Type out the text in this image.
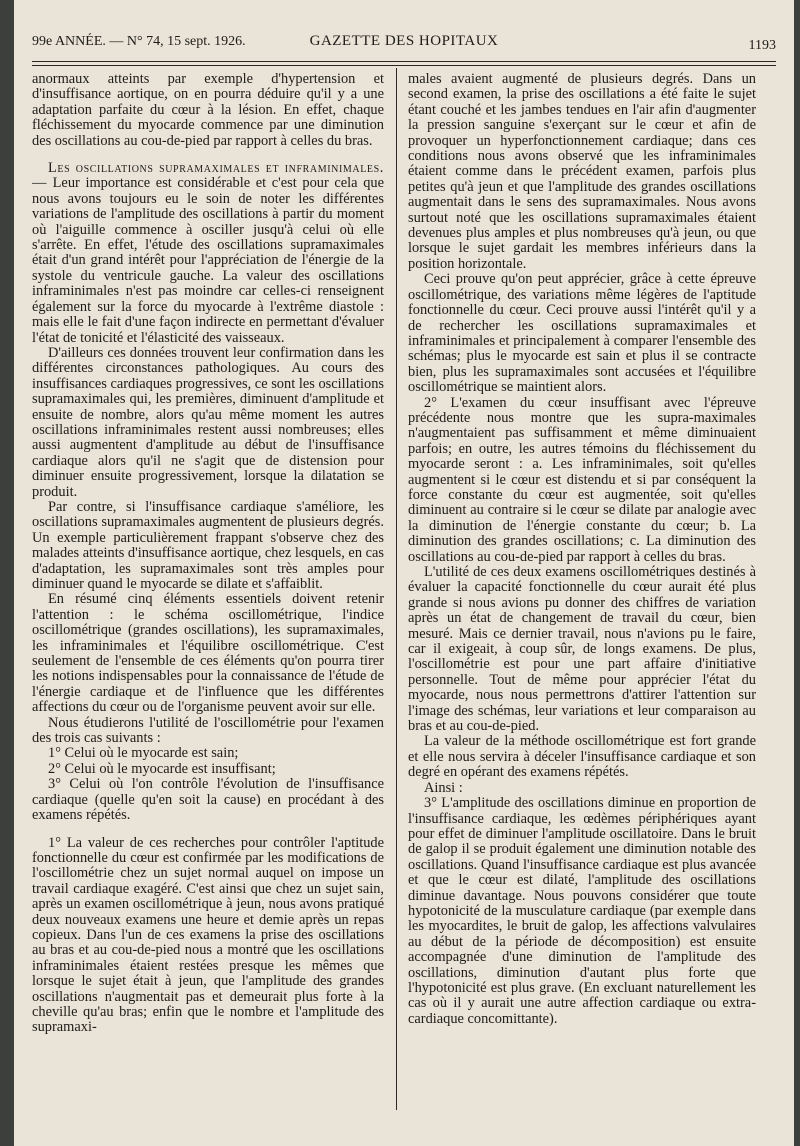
99e ANNÉE. — N° 74, 15 sept. 1926.	GAZETTE DES HOPITAUX	1193

anormaux atteints par exemple d'hypertension et d'insuffisance aortique, on en pourra déduire qu'il y a une adaptation parfaite du cœur à la lésion. En effet, chaque fléchissement du myocarde commence par une diminution des oscillations au cou-de-pied par rapport à celles du bras.

Les oscillations supramaximales et inframinimales. — Leur importance est considérable et c'est pour cela que nous avons toujours eu le soin de noter les différentes variations de l'amplitude des oscillations à partir du moment où l'aiguille commence à osciller jusqu'à celui où elle s'arrête. En effet, l'étude des oscillations supramaximales était d'un grand intérêt pour l'appréciation de l'énergie de la systole du ventricule gauche. La valeur des oscillations inframinimales n'est pas moindre car celles-ci renseignent également sur la force du myocarde à l'extrême diastole : mais elle le fait d'une façon indirecte en permettant d'évaluer l'état de tonicité et l'élasticité des vaisseaux.

D'ailleurs ces données trouvent leur confirmation dans les différentes circonstances pathologiques. Au cours des insuffisances cardiaques progressives, ce sont les oscillations supramaximales qui, les premières, diminuent d'amplitude et ensuite de nombre, alors qu'au même moment les autres oscillations inframinimales restent aussi nombreuses; elles aussi augmentent d'amplitude au début de l'insuffisance cardiaque alors qu'il ne s'agit que de distension pour diminuer ensuite progressivement, lorsque la dilatation se produit.

Par contre, si l'insuffisance cardiaque s'améliore, les oscillations supramaximales augmentent de plusieurs degrés. Un exemple particulièrement frappant s'observe chez des malades atteints d'insuffisance aortique, chez lesquels, en cas d'adaptation, les supramaximales sont très amples pour diminuer quand le myocarde se dilate et s'affaiblit.

En résumé cinq éléments essentiels doivent retenir l'attention : le schéma oscillométrique, l'indice oscillométrique (grandes oscillations), les supramaximales, les inframinimales et l'équilibre oscillométrique. C'est seulement de l'ensemble de ces éléments qu'on pourra tirer les notions indispensables pour la connaissance de l'étude de l'énergie cardiaque et de l'influence que les différentes affections du cœur ou de l'organisme peuvent avoir sur elle.

Nous étudierons l'utilité de l'oscillométrie pour l'examen des trois cas suivants :

1° Celui où le myocarde est sain;

2° Celui où le myocarde est insuffisant;

3° Celui où l'on contrôle l'évolution de l'insuffisance cardiaque (quelle qu'en soit la cause) en procédant à des examens répétés.

1° La valeur de ces recherches pour contrôler l'aptitude fonctionnelle du cœur est confirmée par les modifications de l'oscillométrie chez un sujet normal auquel on impose un travail cardiaque exagéré. C'est ainsi que chez un sujet sain, après un examen oscillométrique à jeun, nous avons pratiqué deux nouveaux examens une heure et demie après un repas copieux. Dans l'un de ces examens la prise des oscillations au bras et au cou-de-pied nous a montré que les oscillations inframinimales étaient restées presque les mêmes que lorsque le sujet était à jeun, que l'amplitude des grandes oscillations n'augmentait pas et demeurait plus forte à la cheville qu'au bras; enfin que le nombre et l'amplitude des supramaxi-

males avaient augmenté de plusieurs degrés. Dans un second examen, la prise des oscillations a été faite le sujet étant couché et les jambes tendues en l'air afin d'augmenter la pression sanguine s'exerçant sur le cœur et afin de provoquer un hyperfonctionnement cardiaque; dans ces conditions nous avons observé que les inframinimales étaient comme dans le précédent examen, parfois plus petites qu'à jeun et que l'amplitude des grandes oscillations augmentait dans le sens des supramaximales. Nous avons surtout noté que les oscillations supramaximales étaient devenues plus amples et plus nombreuses qu'à jeun, ou que lorsque le sujet gardait les membres inférieurs dans la position horizontale.

Ceci prouve qu'on peut apprécier, grâce à cette épreuve oscillométrique, des variations même légères de l'aptitude fonctionnelle du cœur. Ceci prouve aussi l'intérêt qu'il y a de rechercher les oscillations supramaximales et inframinimales et principalement à comparer l'ensemble des schémas; plus le myocarde est sain et plus il se contracte bien, plus les supramaximales sont accusées et l'équilibre oscillométrique se maintient alors.

2° L'examen du cœur insuffisant avec l'épreuve précédente nous montre que les supra-maximales n'augmentaient pas suffisamment et même diminuaient parfois; en outre, les autres témoins du fléchissement du myocarde seront : a. Les inframinimales, soit qu'elles augmentent si le cœur est distendu et si par conséquent la force constante du cœur est augmentée, soit qu'elles diminuent au contraire si le cœur se dilate par analogie avec la diminution de l'énergie constante du cœur; b. La diminution des grandes oscillations; c. La diminution des oscillations au cou-de-pied par rapport à celles du bras.

L'utilité de ces deux examens oscillométriques destinés à évaluer la capacité fonctionnelle du cœur aurait été plus grande si nous avions pu donner des chiffres de variation après un état de changement de travail du cœur, bien mesuré. Mais ce dernier travail, nous n'avions pu le faire, car il exigeait, à coup sûr, de longs examens. De plus, l'oscillométrie est pour une part affaire d'initiative personnelle. Tout de même pour apprécier l'état du myocarde, nous nous permettrons d'attirer l'attention sur l'image des schémas, leur variations et leur comparaison au bras et au cou-de-pied.

La valeur de la méthode oscillométrique est fort grande et elle nous servira à déceler l'insuffisance cardiaque et son degré en opérant des examens répétés.

Ainsi :

3° L'amplitude des oscillations diminue en proportion de l'insuffisance cardiaque, les œdèmes périphériques ayant pour effet de diminuer l'amplitude oscillatoire. Dans le bruit de galop il se produit également une diminution notable des oscillations. Quand l'insuffisance cardiaque est plus avancée et que le cœur est dilaté, l'amplitude des oscillations diminue davantage. Nous pouvons considérer que toute hypotonicité de la musculature cardiaque (par exemple dans les myocardites, le bruit de galop, les affections valvulaires au début de la période de décomposition) est ensuite accompagnée d'une diminution de l'amplitude des oscillations, diminution d'autant plus forte que l'hypotonicité est plus grave. (En excluant naturellement les cas où il y aurait une autre affection cardiaque ou extra-cardiaque concomittante).
